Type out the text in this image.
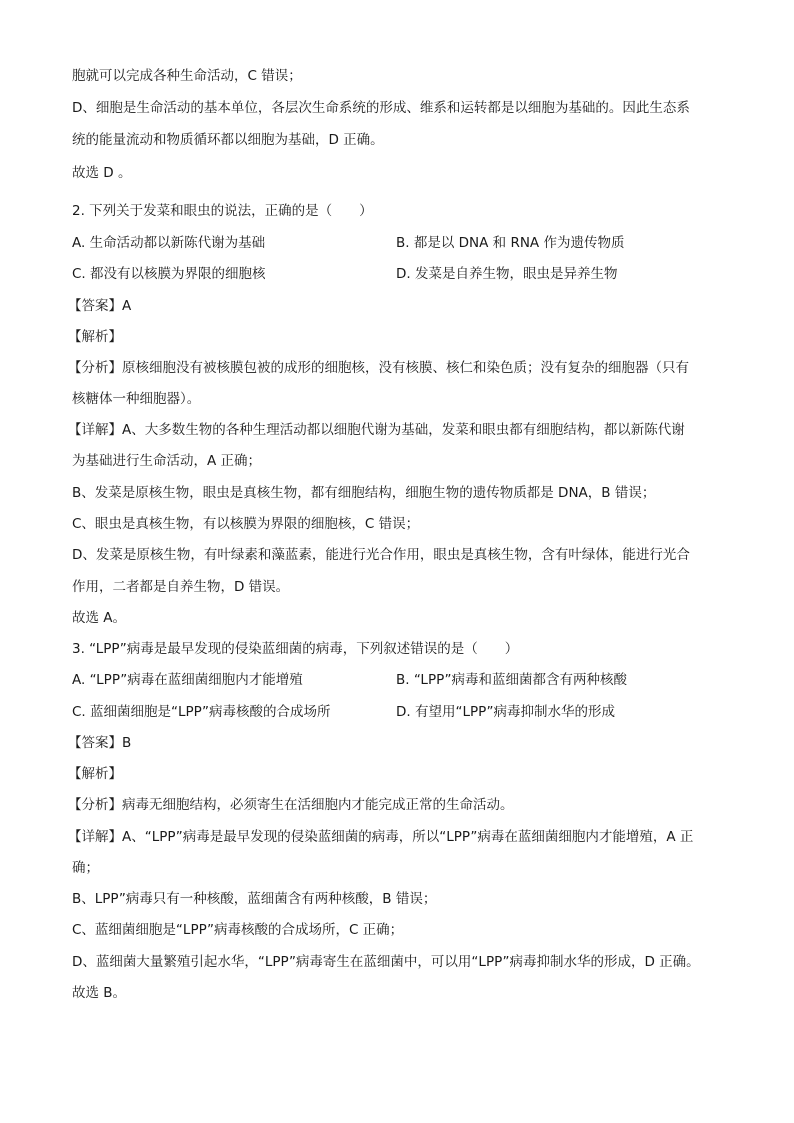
胞就可以完成各种生命活动，C 错误；
D、细胞是生命活动的基本单位，各层次生命系统的形成、维系和运转都是以细胞为基础的。因此生态系
统的能量流动和物质循环都以细胞为基础，D 正确。
故选 D 。
2. 下列关于发菜和眼虫的说法，正确的是（　　）
A. 生命活动都以新陈代谢为基础	B. 都是以 DNA 和 RNA 作为遗传物质
C. 都没有以核膜为界限的细胞核	D. 发菜是自养生物，眼虫是异养生物
【答案】A
【解析】
【分析】原核细胞没有被核膜包被的成形的细胞核，没有核膜、核仁和染色质；没有复杂的细胞器（只有
核糖体一种细胞器）。
【详解】A、大多数生物的各种生理活动都以细胞代谢为基础，发菜和眼虫都有细胞结构，都以新陈代谢
为基础进行生命活动，A 正确；
B、发菜是原核生物，眼虫是真核生物，都有细胞结构，细胞生物的遗传物质都是 DNA，B 错误；
C、眼虫是真核生物，有以核膜为界限的细胞核，C 错误；
D、发菜是原核生物，有叶绿素和藻蓝素，能进行光合作用，眼虫是真核生物，含有叶绿体，能进行光合
作用，二者都是自养生物，D 错误。
故选 A。
3. “LPP”病毒是最早发现的侵染蓝细菌的病毒，下列叙述错误的是（　　）
A. “LPP”病毒在蓝细菌细胞内才能增殖	B. “LPP”病毒和蓝细菌都含有两种核酸
C. 蓝细菌细胞是“LPP”病毒核酸的合成场所	D. 有望用“LPP”病毒抑制水华的形成
【答案】B
【解析】
【分析】病毒无细胞结构，必须寄生在活细胞内才能完成正常的生命活动。
【详解】A、“LPP”病毒是最早发现的侵染蓝细菌的病毒，所以“LPP”病毒在蓝细菌细胞内才能增殖，A 正
确；
B、LPP”病毒只有一种核酸，蓝细菌含有两种核酸，B 错误；
C、蓝细菌细胞是“LPP”病毒核酸的合成场所，C 正确；
D、蓝细菌大量繁殖引起水华，“LPP”病毒寄生在蓝细菌中，可以用“LPP”病毒抑制水华的形成，D 正确。
故选 B。
